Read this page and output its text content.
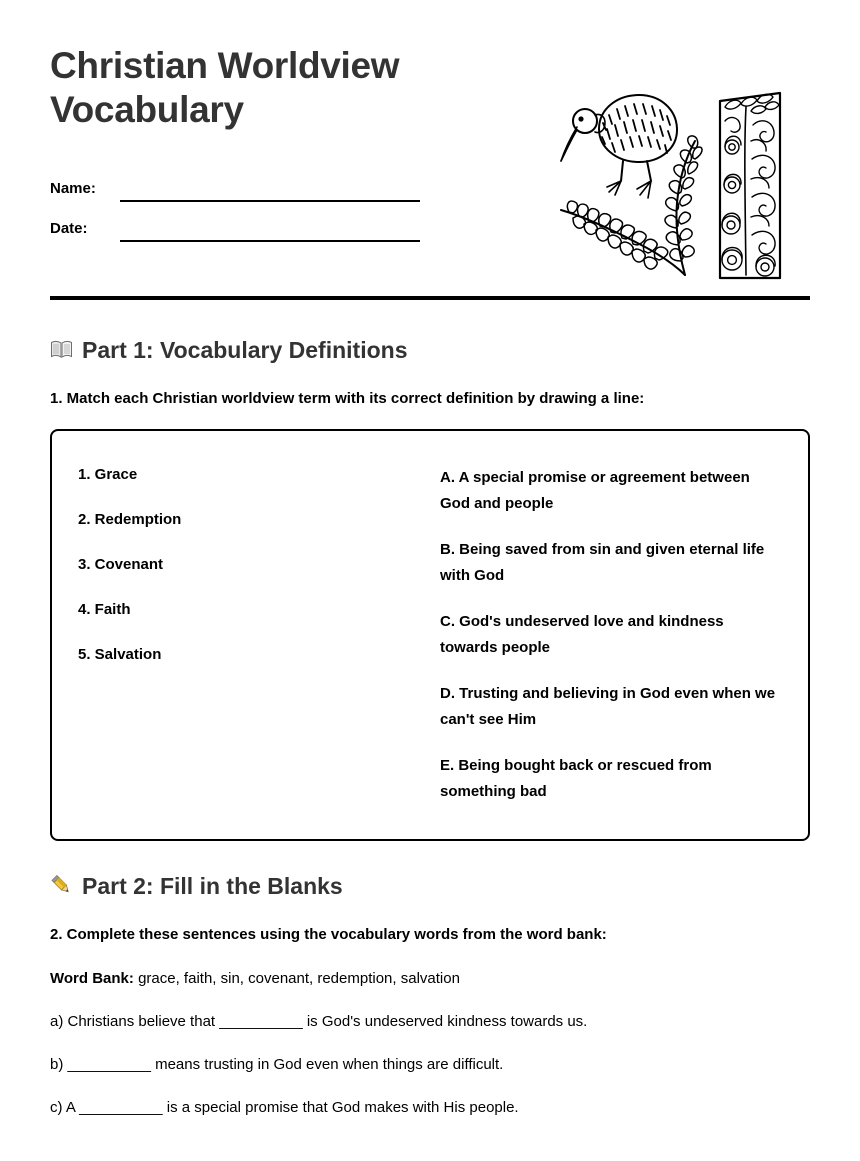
Christian Worldview Vocabulary
Name:
Date:
Part 1: Vocabulary Definitions
1. Match each Christian worldview term with its correct definition by drawing a line:
1. Grace
2. Redemption
3. Covenant
4. Faith
5. Salvation
A. A special promise or agreement between God and people
B. Being saved from sin and given eternal life with God
C. God's undeserved love and kindness towards people
D. Trusting and believing in God even when we can't see Him
E. Being bought back or rescued from something bad
Part 2: Fill in the Blanks
2. Complete these sentences using the vocabulary words from the word bank:
Word Bank: grace, faith, sin, covenant, redemption, salvation
a) Christians believe that __________ is God's undeserved kindness towards us.
b) __________ means trusting in God even when things are difficult.
c) A __________ is a special promise that God makes with His people.
